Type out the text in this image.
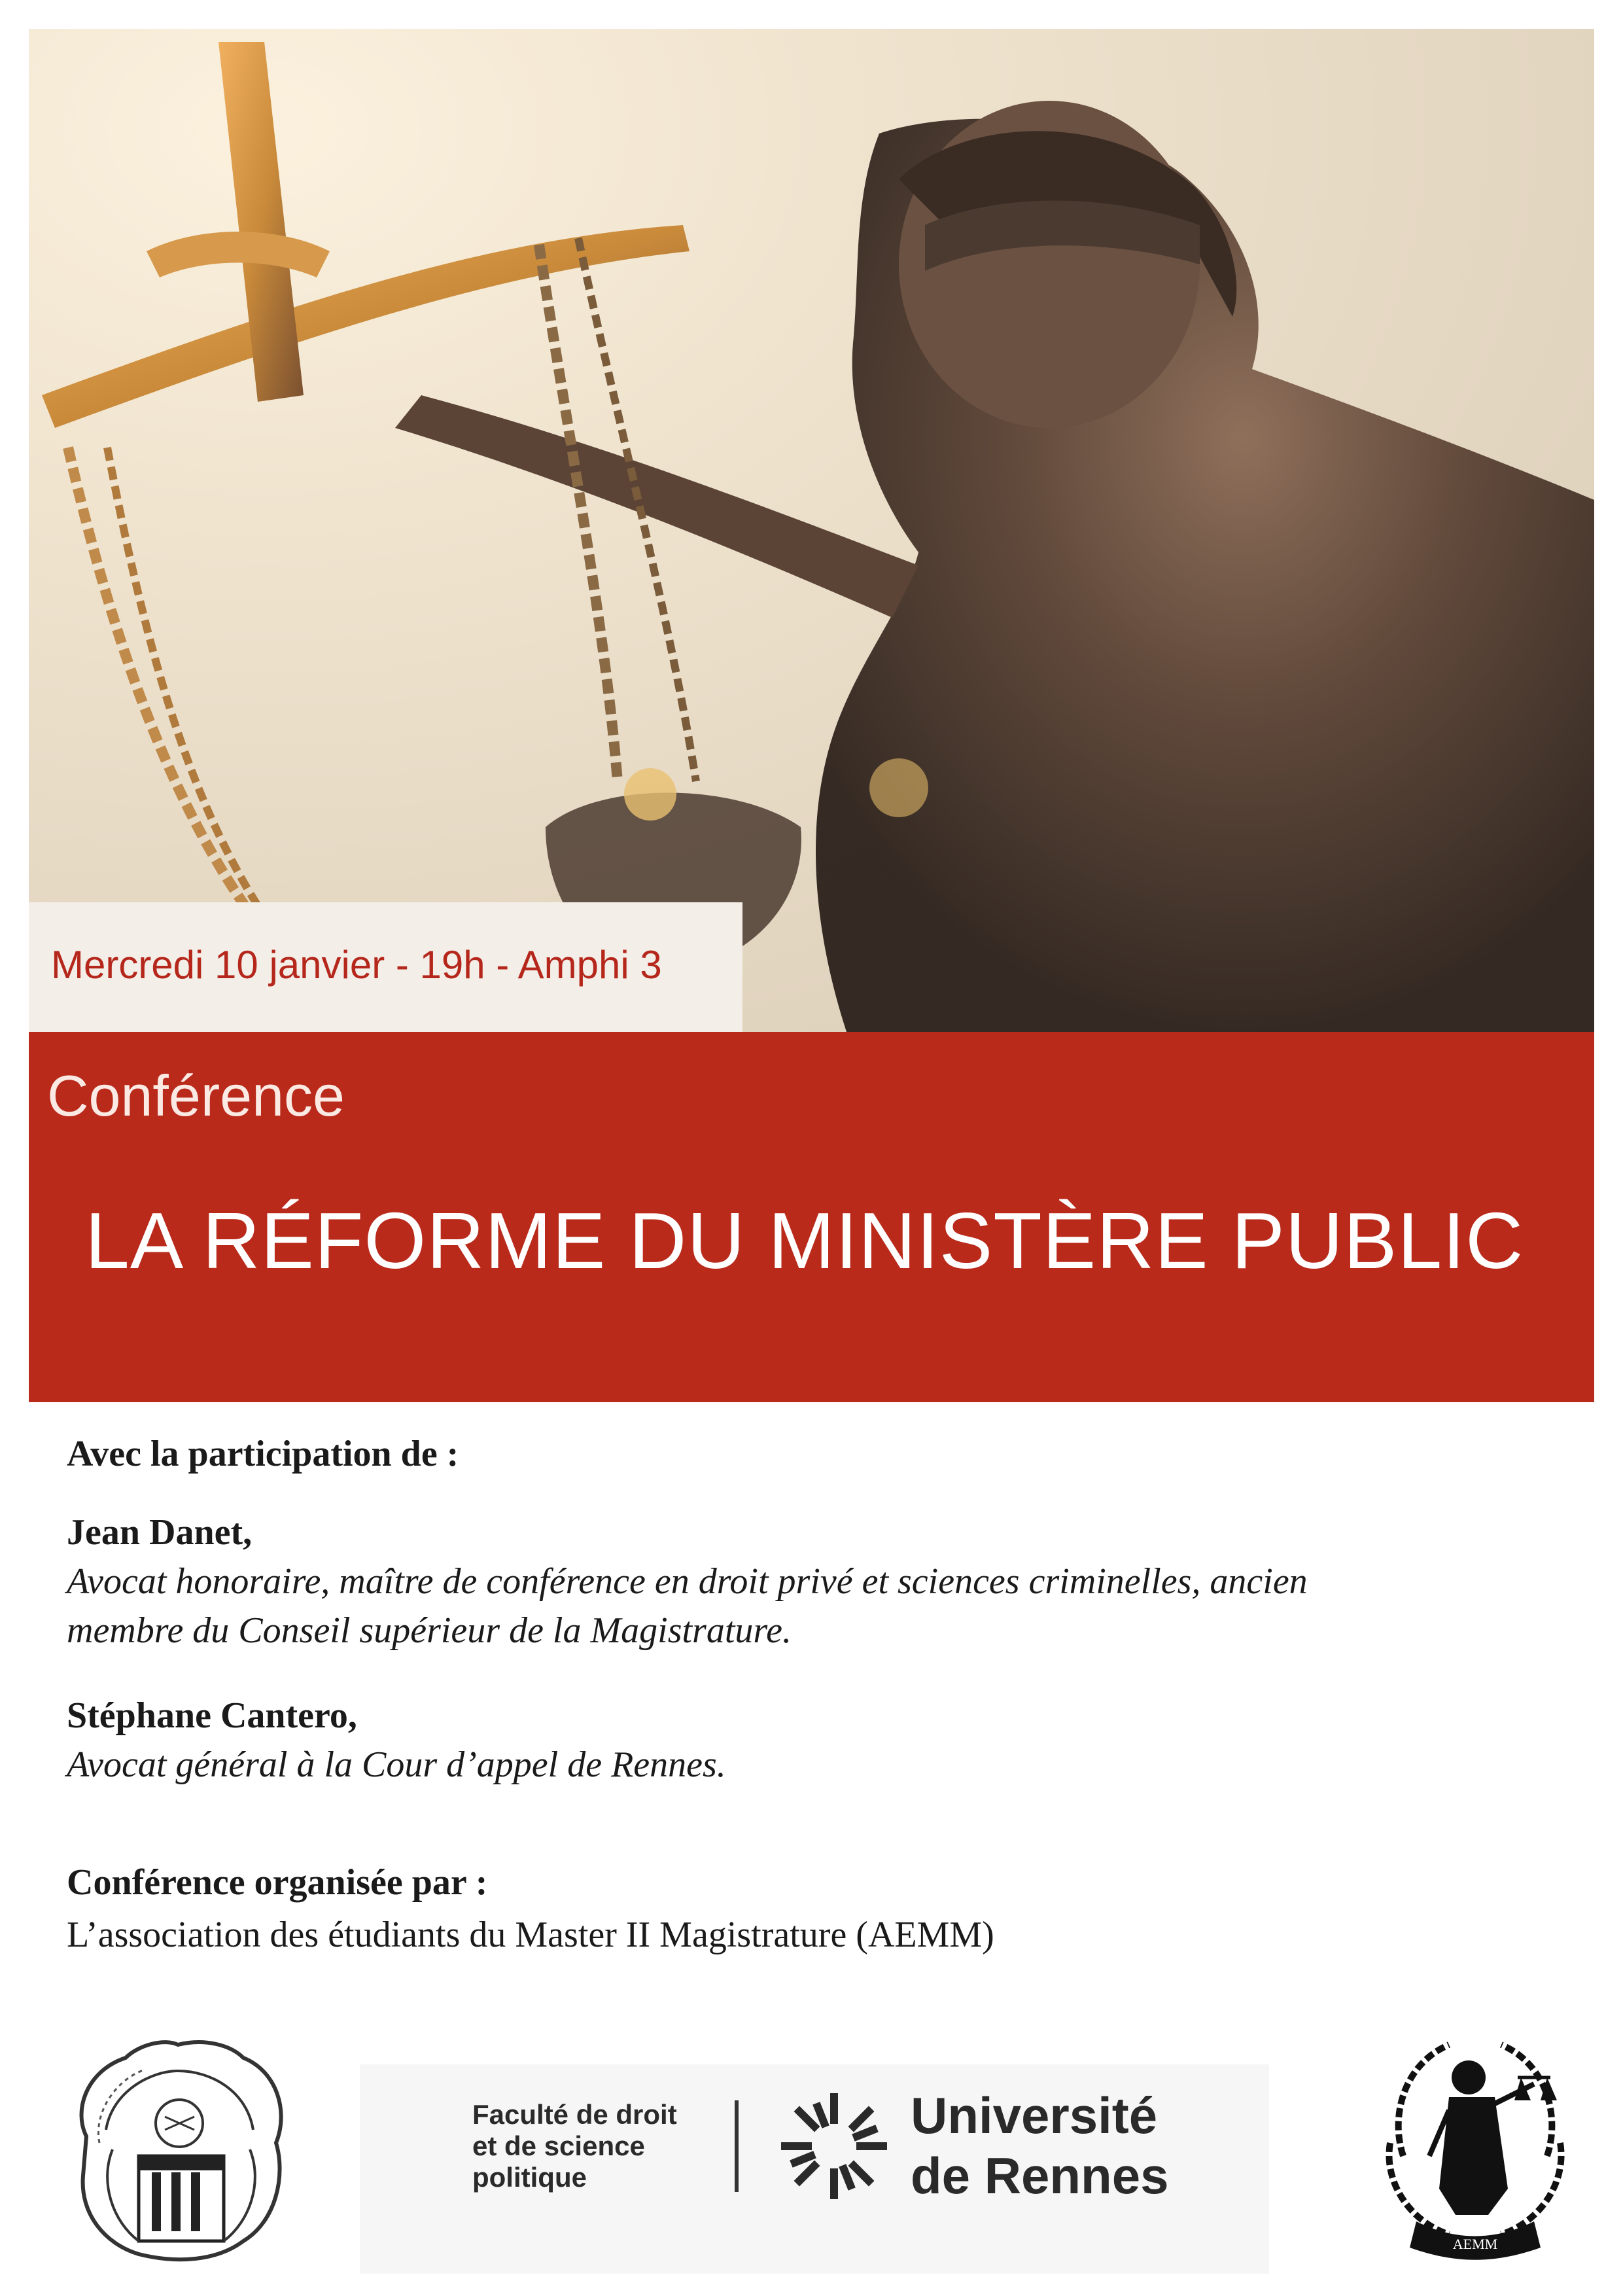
Mercredi 10 janvier - 19h - Amphi 3
Conférence
LA RÉFORME DU MINISTÈRE PUBLIC
Avec la participation de :
Jean Danet,
Avocat honoraire, maître de conférence en droit privé et sciences criminelles, ancien
membre du Conseil supérieur de la Magistrature.
Stéphane Cantero,
Avocat général à la Cour d’appel de Rennes.
Conférence organisée par :
L’association des étudiants du Master II Magistrature (AEMM)
Faculté de droit
et de science
politique
Université
de Rennes
AEMM
